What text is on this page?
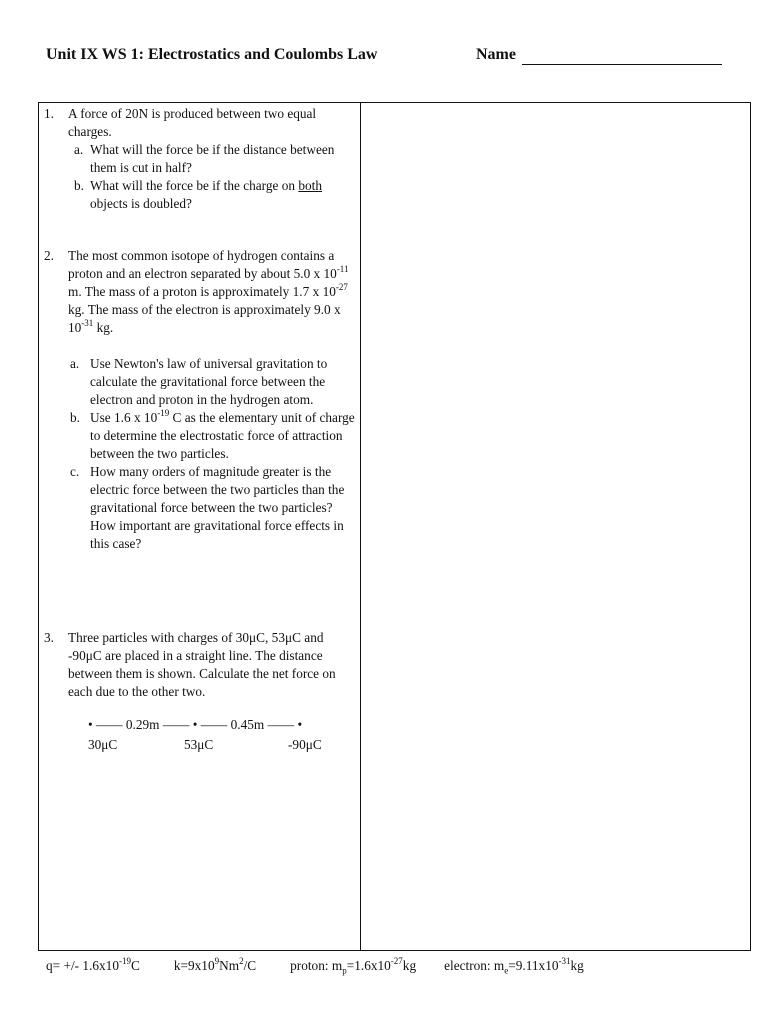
Unit IX WS 1: Electrostatics and Coulombs Law	Name
1. A force of 20N is produced between two equal charges.
a. What will the force be if the distance between them is cut in half?
b. What will the force be if the charge on both objects is doubled?
2. The most common isotope of hydrogen contains a proton and an electron separated by about 5.0 x $10^{-11}$ m. The mass of a proton is approximately 1.7 x $10^{-27}$ kg. The mass of the electron is approximately 9.0 x $10^{-31}$ kg.
a. Use Newton's law of universal gravitation to calculate the gravitational force between the electron and proton in the hydrogen atom.
b. Use 1.6 x $10^{-19}$ C as the elementary unit of charge to determine the electrostatic force of attraction between the two particles.
c. How many orders of magnitude greater is the electric force between the two particles than the gravitational force between the two particles? How important are gravitational force effects in this case?
3. Three particles with charges of 30μC, 53μC and -90μC are placed in a straight line. The distance between them is shown. Calculate the net force on each due to the other two.
• —— 0.29m —— • —— 0.45m —— •
30μC	53μC	-90μC
q= +/- $1.6x10^{-19}C$	$k=9x10^9Nm^2/C$	proton: $m_p=1.6x10^{-27}kg$ electron: $m_e=9.11x10^{-31}kg$
